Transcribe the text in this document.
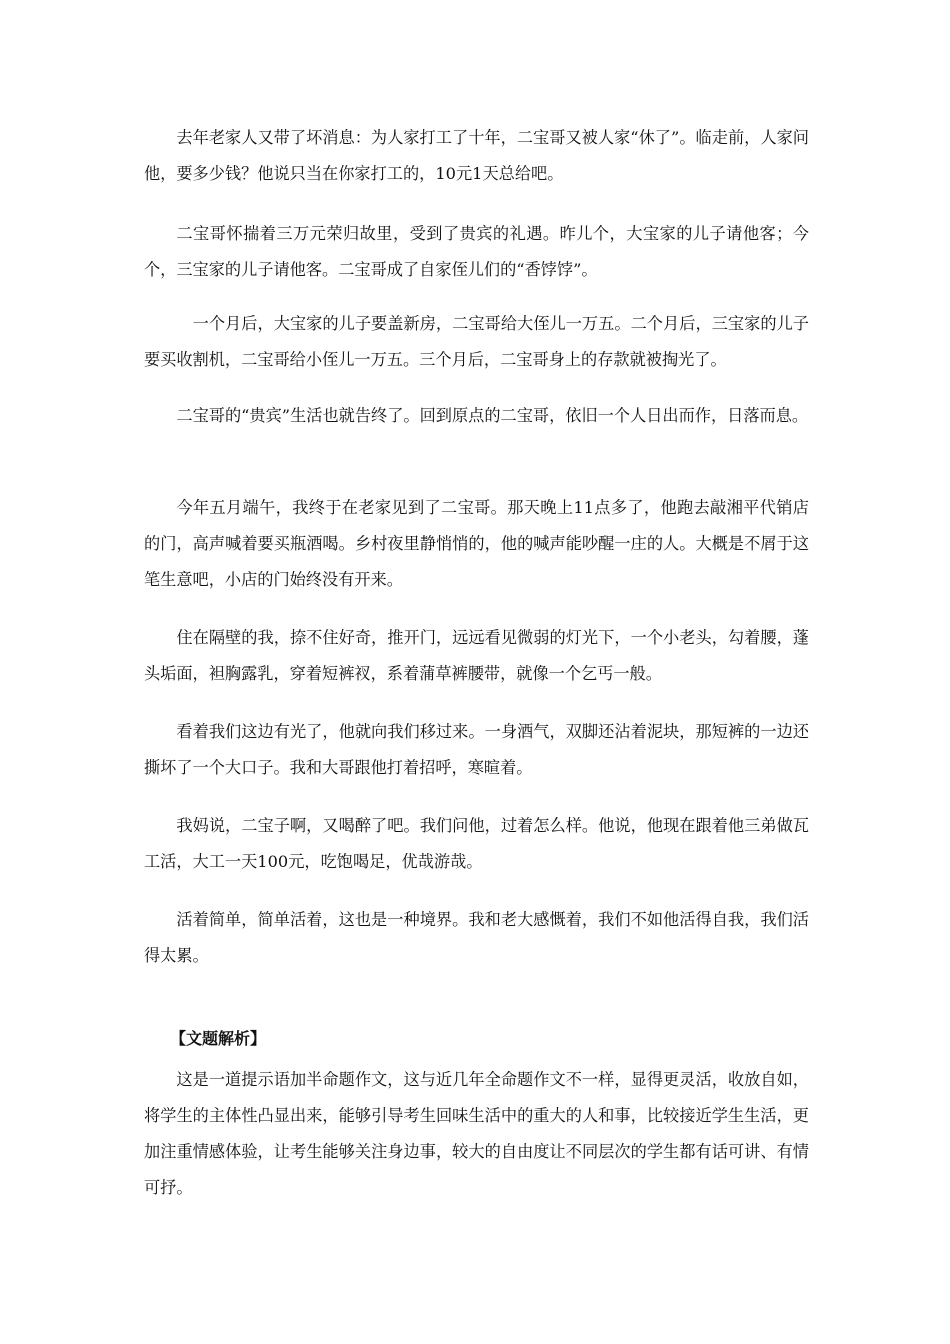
去年老家人又带了坏消息：为人家打工了十年，二宝哥又被人家“休了”。临走前，人家问他，要多少钱？他说只当在你家打工的，10元1天总给吧。

二宝哥怀揣着三万元荣归故里，受到了贵宾的礼遇。昨儿个，大宝家的儿子请他客；今个，三宝家的儿子请他客。二宝哥成了自家侄儿们的“香饽饽”。

一个月后，大宝家的儿子要盖新房，二宝哥给大侄儿一万五。二个月后，三宝家的儿子要买收割机，二宝哥给小侄儿一万五。三个月后，二宝哥身上的存款就被掏光了。

二宝哥的“贵宾”生活也就告终了。回到原点的二宝哥，依旧一个人日出而作，日落而息。

今年五月端午，我终于在老家见到了二宝哥。那天晚上11点多了，他跑去敲湘平代销店的门，高声喊着要买瓶酒喝。乡村夜里静悄悄的，他的喊声能吵醒一庄的人。大概是不屑于这笔生意吧，小店的门始终没有开来。

住在隔壁的我，捺不住好奇，推开门，远远看见微弱的灯光下，一个小老头，勾着腰，蓬头垢面，袒胸露乳，穿着短裤衩，系着蒲草裤腰带，就像一个乞丐一般。

看着我们这边有光了，他就向我们移过来。一身酒气，双脚还沾着泥块，那短裤的一边还撕坏了一个大口子。我和大哥跟他打着招呼，寒暄着。

我妈说，二宝子啊，又喝醉了吧。我们问他，过着怎么样。他说，他现在跟着他三弟做瓦工活，大工一天100元，吃饱喝足，优哉游哉。

活着简单，简单活着，这也是一种境界。我和老大感慨着，我们不如他活得自我，我们活得太累。

【文题解析】

这是一道提示语加半命题作文，这与近几年全命题作文不一样，显得更灵活，收放自如，将学生的主体性凸显出来，能够引导考生回味生活中的重大的人和事，比较接近学生生活，更加注重情感体验，让考生能够关注身边事，较大的自由度让不同层次的学生都有话可讲、有情可抒。
